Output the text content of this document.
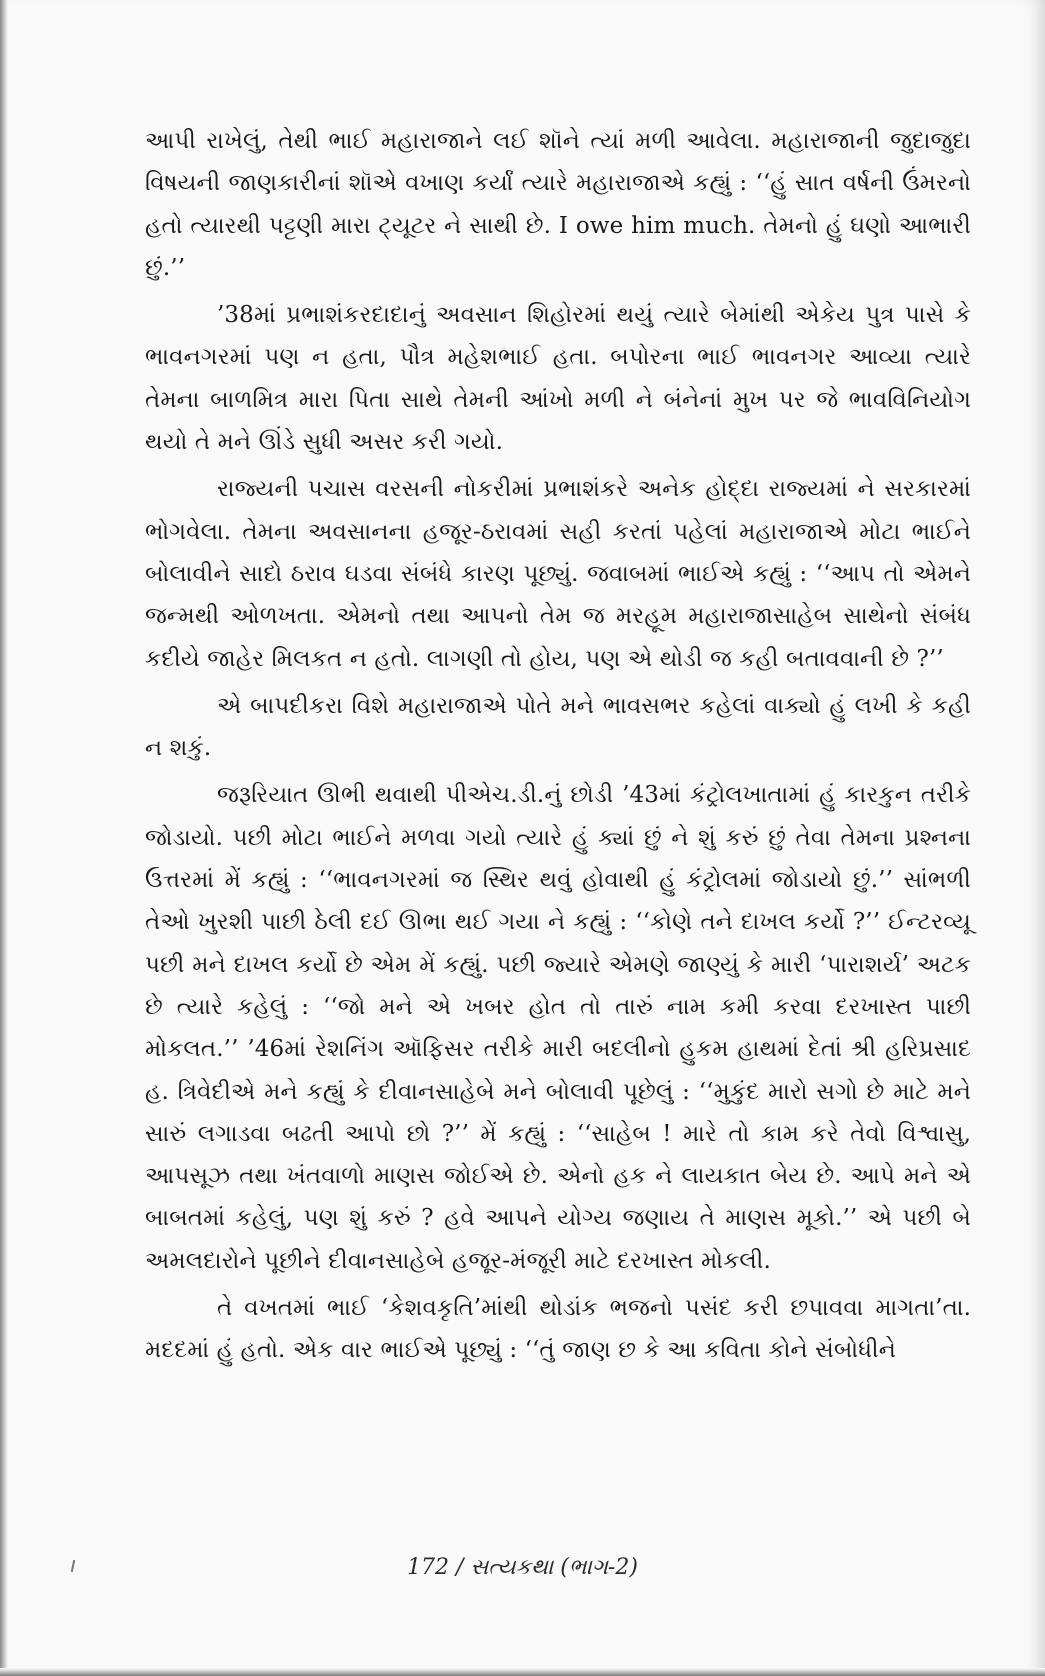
આપી રાખેલું, તેથી ભાઈ મહારાજાને લઈ શૉને ત્યાં મળી આવેલા. મહારાજાની જુદાજુદા વિષયની જાણકારીનાં શૉએ વખાણ કર્યાં ત્યારે મહારાજાએ કહ્યું : ‘‘હું સાત વર્ષની ઉંમરનો હતો ત્યારથી પટ્ટણી મારા ટ્યૂટર ને સાથી છે. I owe him much. તેમનો હું ઘણો આભારી છું.’’

’38માં પ્રભાશંકરદાદાનું અવસાન શિહોરમાં થયું ત્યારે બેમાંથી એકેય પુત્ર પાસે કે ભાવનગરમાં પણ ન હતા, પૌત્ર મહેશભાઈ હતા. બપોરના ભાઈ ભાવનગર આવ્યા ત્યારે તેમના બાળમિત્ર મારા પિતા સાથે તેમની આંખો મળી ને બંનેનાં મુખ પર જે ભાવવિનિયોગ થયો તે મને ઊંડે સુધી અસર કરી ગયો.

રાજ્યની પચાસ વરસની નોકરીમાં પ્રભાશંકરે અનેક હોદ્દા રાજ્યમાં ને સરકારમાં ભોગવેલા. તેમના અવસાનના હજૂર-ઠરાવમાં સહી કરતાં પહેલાં મહારાજાએ મોટા ભાઈને બોલાવીને સાદો ઠરાવ ઘડવા સંબંધે કારણ પૂછ્યું. જવાબમાં ભાઈએ કહ્યું : ‘‘આપ તો એમને જન્મથી ઓળખતા. એમનો તથા આપનો તેમ જ મરહૂમ મહારાજાસાહેબ સાથેનો સંબંધ કદીયે જાહેર મિલકત ન હતો. લાગણી તો હોય, પણ એ થોડી જ કહી બતાવવાની છે ?’’

એ બાપદીકરા વિશે મહારાજાએ પોતે મને ભાવસભર કહેલાં વાક્યો હું લખી કે કહી ન શકું.

જરૂરિયાત ઊભી થવાથી પીએચ.ડી.નું છોડી ’43માં કંટ્રોલખાતામાં હું કારકુન તરીકે જોડાયો. પછી મોટા ભાઈને મળવા ગયો ત્યારે હું ક્યાં છું ને શું કરું છું તેવા તેમના પ્રશ્નના ઉત્તરમાં મેં કહ્યું : ‘‘ભાવનગરમાં જ સ્થિર થવું હોવાથી હું કંટ્રોલમાં જોડાયો છું.’’ સાંભળી તેઓ ખુરશી પાછી ઠેલી દઈ ઊભા થઈ ગયા ને કહ્યું : ‘‘કોણે તને દાખલ કર્યો ?’’ ઈન્ટરવ્યૂ પછી મને દાખલ કર્યો છે એમ મેં કહ્યું. પછી જ્યારે એમણે જાણ્યું કે મારી ‘પારાશર્ય’ અટક છે ત્યારે કહેલું : ‘‘જો મને એ ખબર હોત તો તારું નામ કમી કરવા દરખાસ્ત પાછી મોકલત.’’ ’46માં રેશનિંગ ઑફિસર તરીકે મારી બદલીનો હુકમ હાથમાં દેતાં શ્રી હરિપ્રસાદ હ. ત્રિવેદીએ મને કહ્યું કે દીવાનસાહેબે મને બોલાવી પૂછેલું : ‘‘મુકુંદ મારો સગો છે માટે મને સારું લગાડવા બઢતી આપો છો ?’’ મેં કહ્યું : ‘‘સાહેબ ! મારે તો કામ કરે તેવો વિશ્વાસુ, આપસૂઝ તથા ખંતવાળો માણસ જોઈએ છે. એનો હક ને લાયકાત બેય છે. આપે મને એ બાબતમાં કહેલું, પણ શું કરું ? હવે આપને યોગ્ય જણાય તે માણસ મૂકો.’’ એ પછી બે અમલદારોને પૂછીને દીવાનસાહેબે હજૂર-મંજૂરી માટે દરખાસ્ત મોકલી.

તે વખતમાં ભાઈ ‘કેશવકૃતિ’માંથી થોડાંક ભજનો પસંદ કરી છપાવવા માગતા’તા. મદદમાં હું હતો. એક વાર ભાઈએ પૂછ્યું : ‘‘તું જાણ છ કે આ કવિતા કોને સંબોધીને

172 / સત્યકથા (ભાગ-2)
